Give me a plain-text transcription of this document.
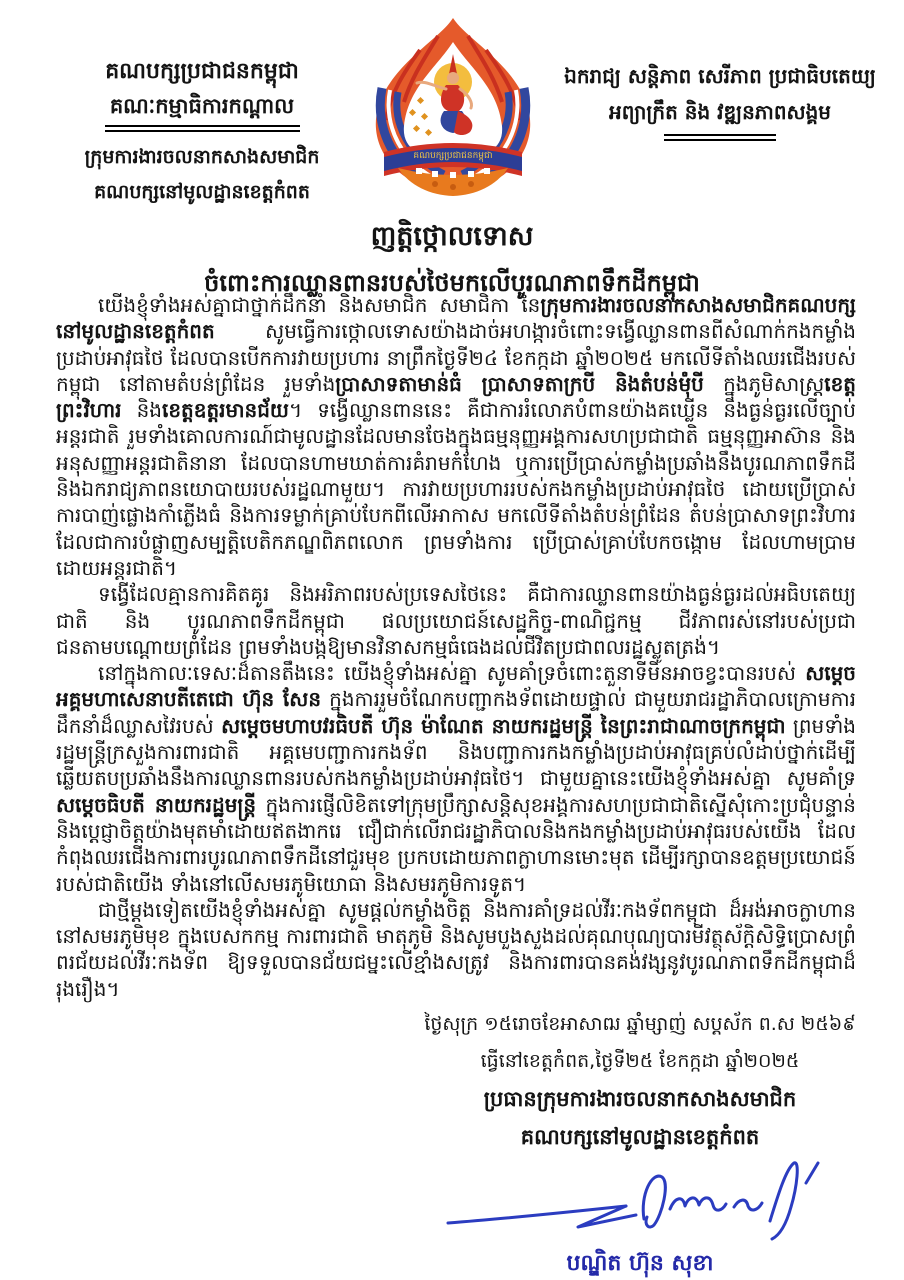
គណបក្សប្រជាជនកម្ពុជា
គណៈកម្មាធិការកណ្តាល
ក្រុមការងារចលនាកសាងសមាជិក
គណបក្សនៅមូលដ្ឋានខេត្តកំពត
គណបក្សប្រជាជនកម្ពុជា
ឯករាជ្យ សន្តិភាព សេរីភាព ប្រជាធិបតេយ្យ
អព្យាក្រឹត និង វឌ្ឍនភាពសង្គម
ញត្តិថ្កោលទោស
ចំពោះការឈ្លានពានរបស់ថៃមកលើបូរណភាពទឹកដីកម្ពុជា

យើងខ្ញុំទាំងអស់គ្នាជាថ្នាក់ដឹកនាំ និងសមាជិក សមាជិកា នៃក្រុមការងារចលនាកសាងសមាជិកគណបក្សនៅមូលដ្ឋានខេត្តកំពត សូមធ្វើការថ្កោលទោសយ៉ាងដាច់អហង្ការចំពោះទង្វើឈ្លានពានពីសំណាក់កងកម្លាំងប្រដាប់អាវុធថៃ ដែលបានបើកការវាយប្រហារ នាព្រឹកថ្ងៃទី២៤ ខែកក្កដា ឆ្នាំ២០២៥ មកលើទីតាំងឈរជើងរបស់កម្ពុជា នៅតាមតំបន់ព្រំដែន រួមទាំងប្រាសាទតាមាន់ធំ ប្រាសាទតាក្របី និងតំបន់ម៉ុំបី ក្នុងភូមិសាស្ត្រខេត្តព្រះវិហារ និងខេត្តឧត្តរមានជ័យ។ ទង្វើឈ្លានពាននេះ គឺជាការរំលោភបំពានយ៉ាងគឃ្លើន និងធ្ងន់ធ្ងរលើច្បាប់អន្តរជាតិ រួមទាំងគោលការណ៍ជាមូលដ្ឋានដែលមានចែងក្នុងធម្មនុញ្ញអង្គការសហប្រជាជាតិ ធម្មនុញ្ញអាស៊ាន និងអនុសញ្ញាអន្តរជាតិនានា ដែលបានហាមឃាត់ការគំរាមកំហែង ឬការប្រើប្រាស់កម្លាំងប្រឆាំងនឹងបូរណភាពទឹកដី និងឯករាជ្យភាពនយោបាយរបស់រដ្ឋណាមួយ។ ការវាយប្រហាររបស់កងកម្លាំងប្រដាប់អាវុធថៃ ដោយប្រើប្រាស់ការបាញ់ផ្លោងកាំភ្លើងធំ និងការទម្លាក់គ្រាប់បែកពីលើអាកាស មកលើទីតាំងតំបន់ព្រំដែន តំបន់ប្រាសាទព្រះវិហារ ដែលជាការបំផ្លាញសម្បត្តិបេតិកភណ្ឌពិភពលោក ព្រមទាំងការ ប្រើប្រាស់គ្រាប់បែកចង្កោម ដែលហាមប្រាមដោយអន្តរជាតិ។

ទង្វើដែលគ្មានការគិតគូរ និងអរិភាពរបស់ប្រទេសថៃនេះ គឺជាការឈ្លានពានយ៉ាងធ្ងន់ធ្ងរដល់អធិបតេយ្យជាតិ និង បូរណភាពទឹកដីកម្ពុជា ផលប្រយោជន៍សេដ្ឋកិច្ច-ពាណិជ្ជកម្ម ជីវភាពរស់នៅរបស់ប្រជាជនតាមបណ្តោយព្រំដែន ព្រមទាំងបង្កឱ្យមានវិនាសកម្មធំធេងដល់ជីវិតប្រជាពលរដ្ឋស្លូតត្រង់។

នៅក្នុងកាលៈទេសៈដ៏តានតឹងនេះ យើងខ្ញុំទាំងអស់គ្នា សូមគាំទ្រចំពោះតួនាទីមិនអាចខ្វះបានរបស់ សម្តេចអគ្គមហាសេនាបតីតេជោ ហ៊ុន សែន ក្នុងការរួមចំណែកបញ្ជាកងទ័ពដោយផ្ទាល់ ជាមួយរាជរដ្ឋាភិបាលក្រោមការដឹកនាំដ៏ឈ្លាសវៃរបស់ សម្តេចមហាបវរធិបតី ហ៊ុន ម៉ាណែត នាយករដ្ឋមន្ត្រី នៃព្រះរាជាណាចក្រកម្ពុជា ព្រមទាំងរដ្ឋមន្ត្រីក្រសួងការពារជាតិ អគ្គមេបញ្ជាការកងទ័ព និងបញ្ជាការកងកម្លាំងប្រដាប់អាវុធគ្រប់លំដាប់ថ្នាក់ដើម្បីឆ្លើយតបប្រឆាំងនឹងការឈ្លានពានរបស់កងកម្លាំងប្រដាប់អាវុធថៃ។ ជាមួយគ្នានេះយើងខ្ញុំទាំងអស់គ្នា សូមគាំទ្រ សម្តេចធិបតី នាយករដ្ឋមន្ត្រី ក្នុងការផ្ញើលិខិតទៅក្រុមប្រឹក្សាសន្តិសុខអង្គការសហប្រជាជាតិស្នើសុំកោះប្រជុំបន្ទាន់ និងប្តេជ្ញាចិត្តយ៉ាងមុតមាំដោយឥតងាករេ ជឿជាក់លើរាជរដ្ឋាភិបាលនិងកងកម្លាំងប្រដាប់អាវុធរបស់យើង ដែលកំពុងឈរជើងការពារបូរណភាពទឹកដីនៅជួរមុខ ប្រកបដោយភាពក្លាហានមោះមុត ដើម្បីរក្សាបានឧត្តមប្រយោជន៍របស់ជាតិយើង ទាំងនៅលើសមរភូមិយោធា និងសមរភូមិការទូត។

ជាថ្មីម្តងទៀតយើងខ្ញុំទាំងអស់គ្នា សូមផ្តល់កម្លាំងចិត្ត និងការគាំទ្រដល់វីរៈកងទ័ពកម្ពុជា ដ៏អង់អាចក្លាហាននៅសមរភូមិមុខ ក្នុងបេសកកម្ម ការពារជាតិ មាតុភូមិ និងសូមបួងសួងដល់គុណបុណ្យបារមីវត្ថុស័ក្តិសិទ្ធិប្រោសព្រំពរជ័យដល់វីរៈកងទ័ព ឱ្យទទួលបានជ័យជម្នះលើខ្មាំងសត្រូវ និងការពារបានគង់វង្សនូវបូរណភាពទឹកដីកម្ពុជាដ៏រុងរឿង។

ថ្ងៃសុក្រ ១៥រោចខែអាសាឍ ឆ្នាំម្សាញ់ សប្តស័ក ព.ស ២៥៦៩
ធ្វើនៅខេត្តកំពត,ថ្ងៃទី២៥ ខែកក្កដា ឆ្នាំ២០២៥
ប្រធានក្រុមការងារចលនាកសាងសមាជិក
គណបក្សនៅមូលដ្ឋានខេត្តកំពត
បណ្ឌិត ហ៊ុន សុខា
